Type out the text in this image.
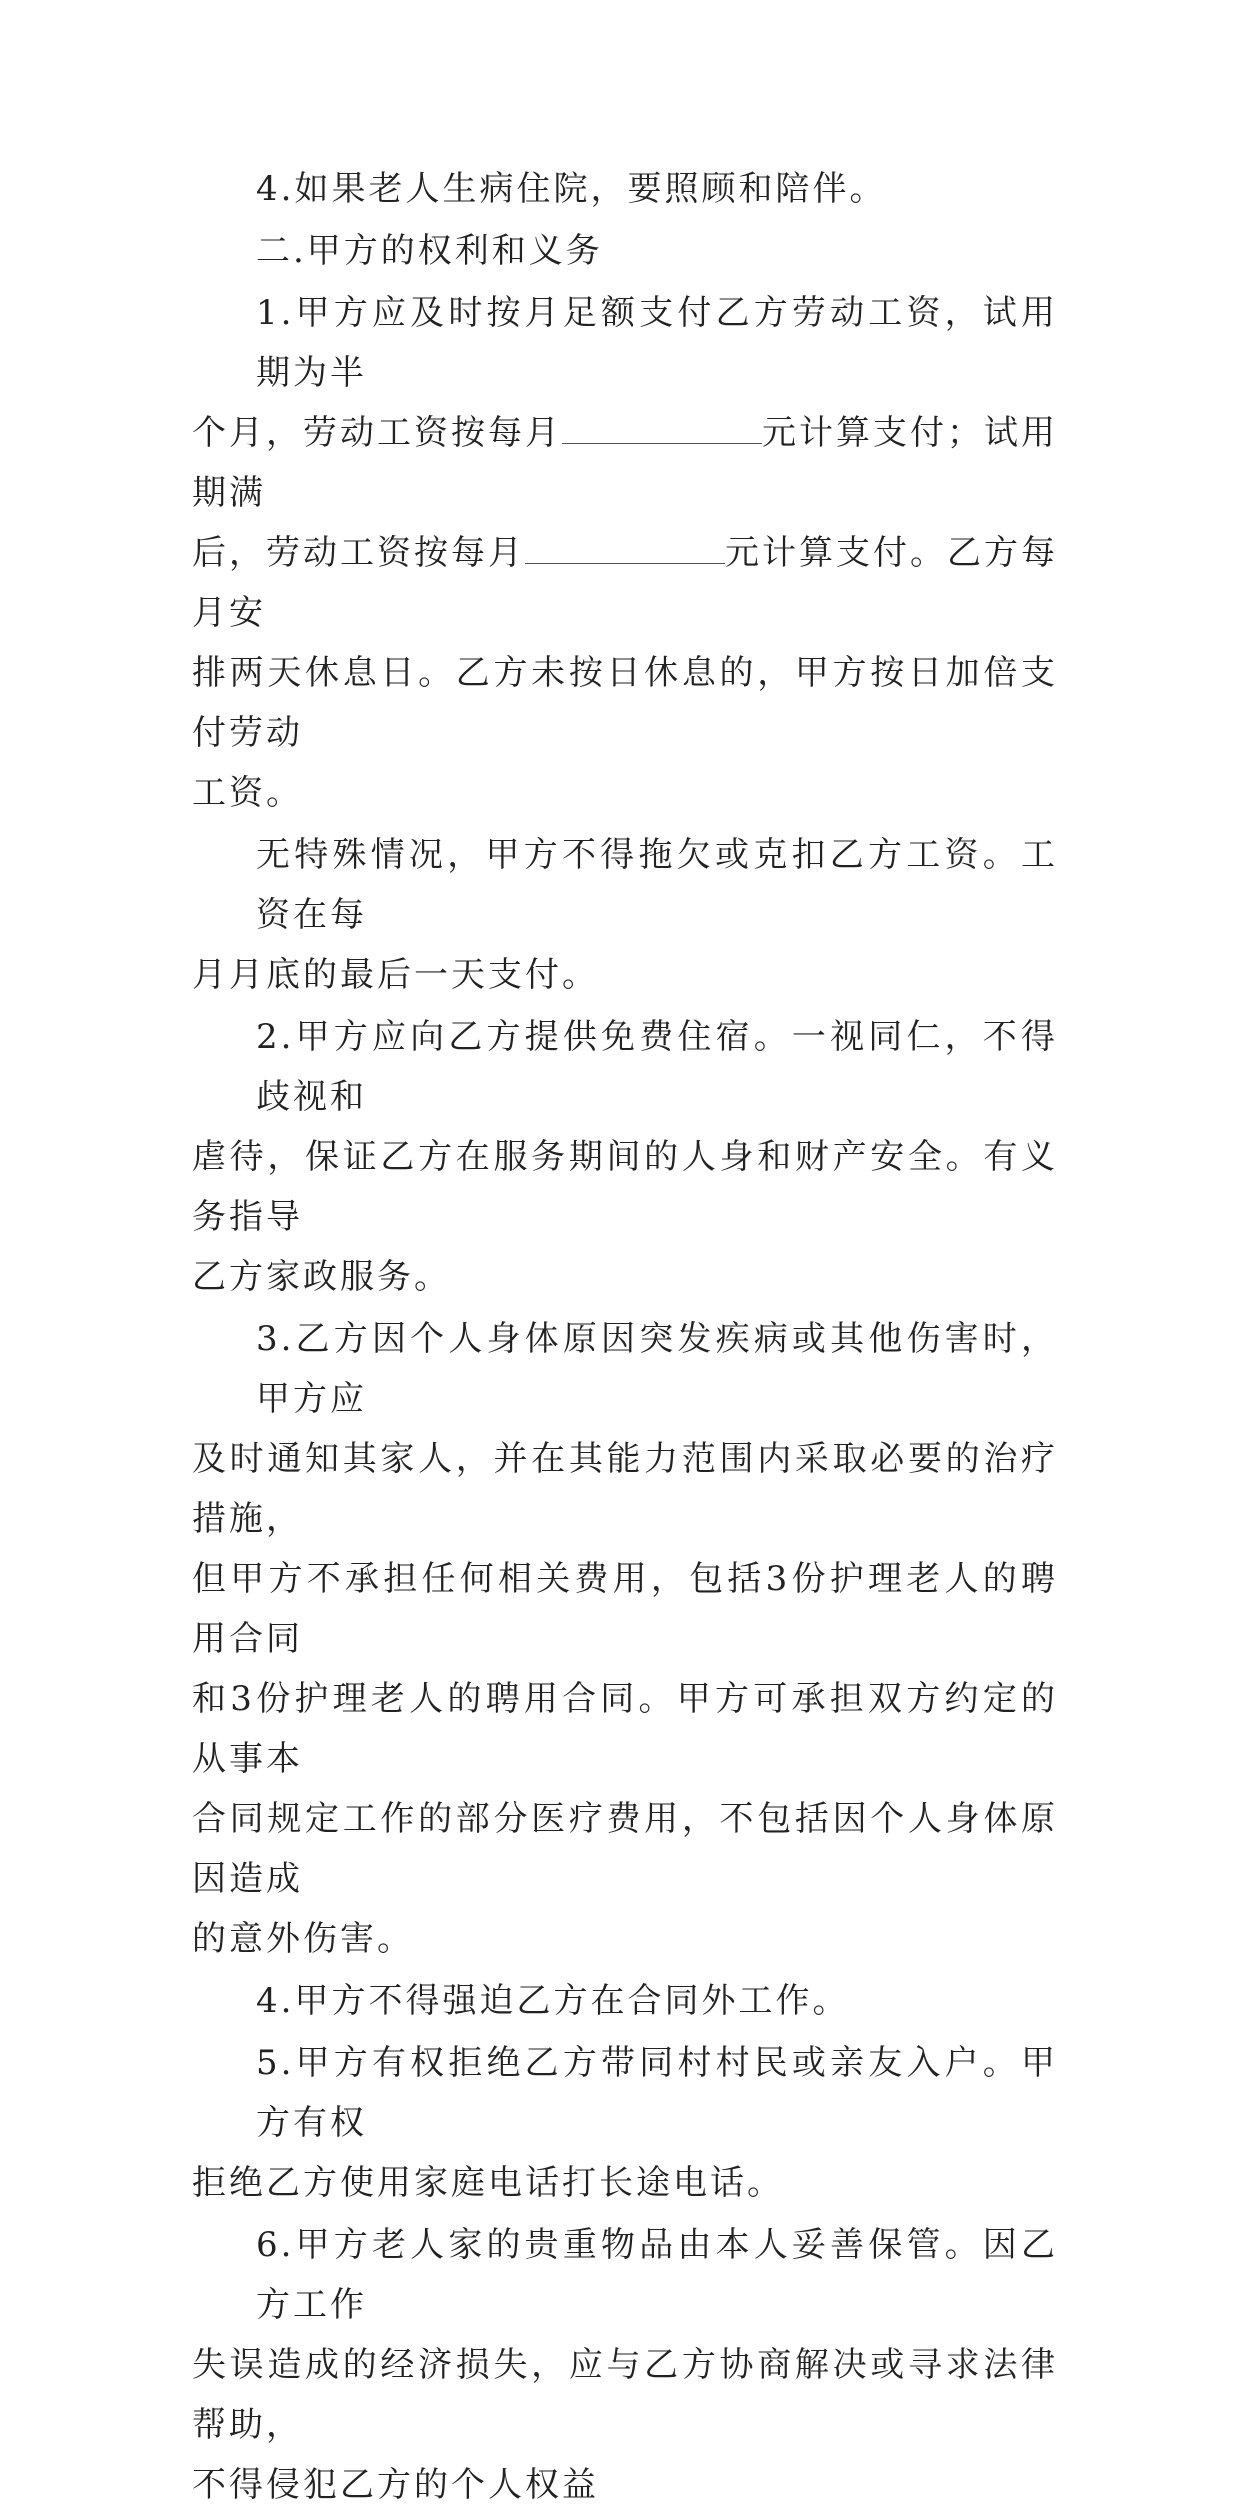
4.如果老人生病住院，要照顾和陪伴。

二.甲方的权利和义务

1.甲方应及时按月足额支付乙方劳动工资，试用期为半
个月，劳动工资按每月	元计算支付；试用期满
后，劳动工资按每月	元计算支付。乙方每月安
排两天休息日。乙方未按日休息的，甲方按日加倍支付劳动
工资。

无特殊情况，甲方不得拖欠或克扣乙方工资。工资在每
月月底的最后一天支付。

2.甲方应向乙方提供免费住宿。一视同仁，不得歧视和
虐待，保证乙方在服务期间的人身和财产安全。有义务指导
乙方家政服务。

3.乙方因个人身体原因突发疾病或其他伤害时，甲方应
及时通知其家人，并在其能力范围内采取必要的治疗措施，
但甲方不承担任何相关费用，包括3份护理老人的聘用合同
和3份护理老人的聘用合同。甲方可承担双方约定的从事本
合同规定工作的部分医疗费用，不包括因个人身体原因造成
的意外伤害。

4.甲方不得强迫乙方在合同外工作。

5.甲方有权拒绝乙方带同村村民或亲友入户。甲方有权
拒绝乙方使用家庭电话打长途电话。

6.甲方老人家的贵重物品由本人妥善保管。因乙方工作
失误造成的经济损失，应与乙方协商解决或寻求法律帮助，
不得侵犯乙方的个人权益
